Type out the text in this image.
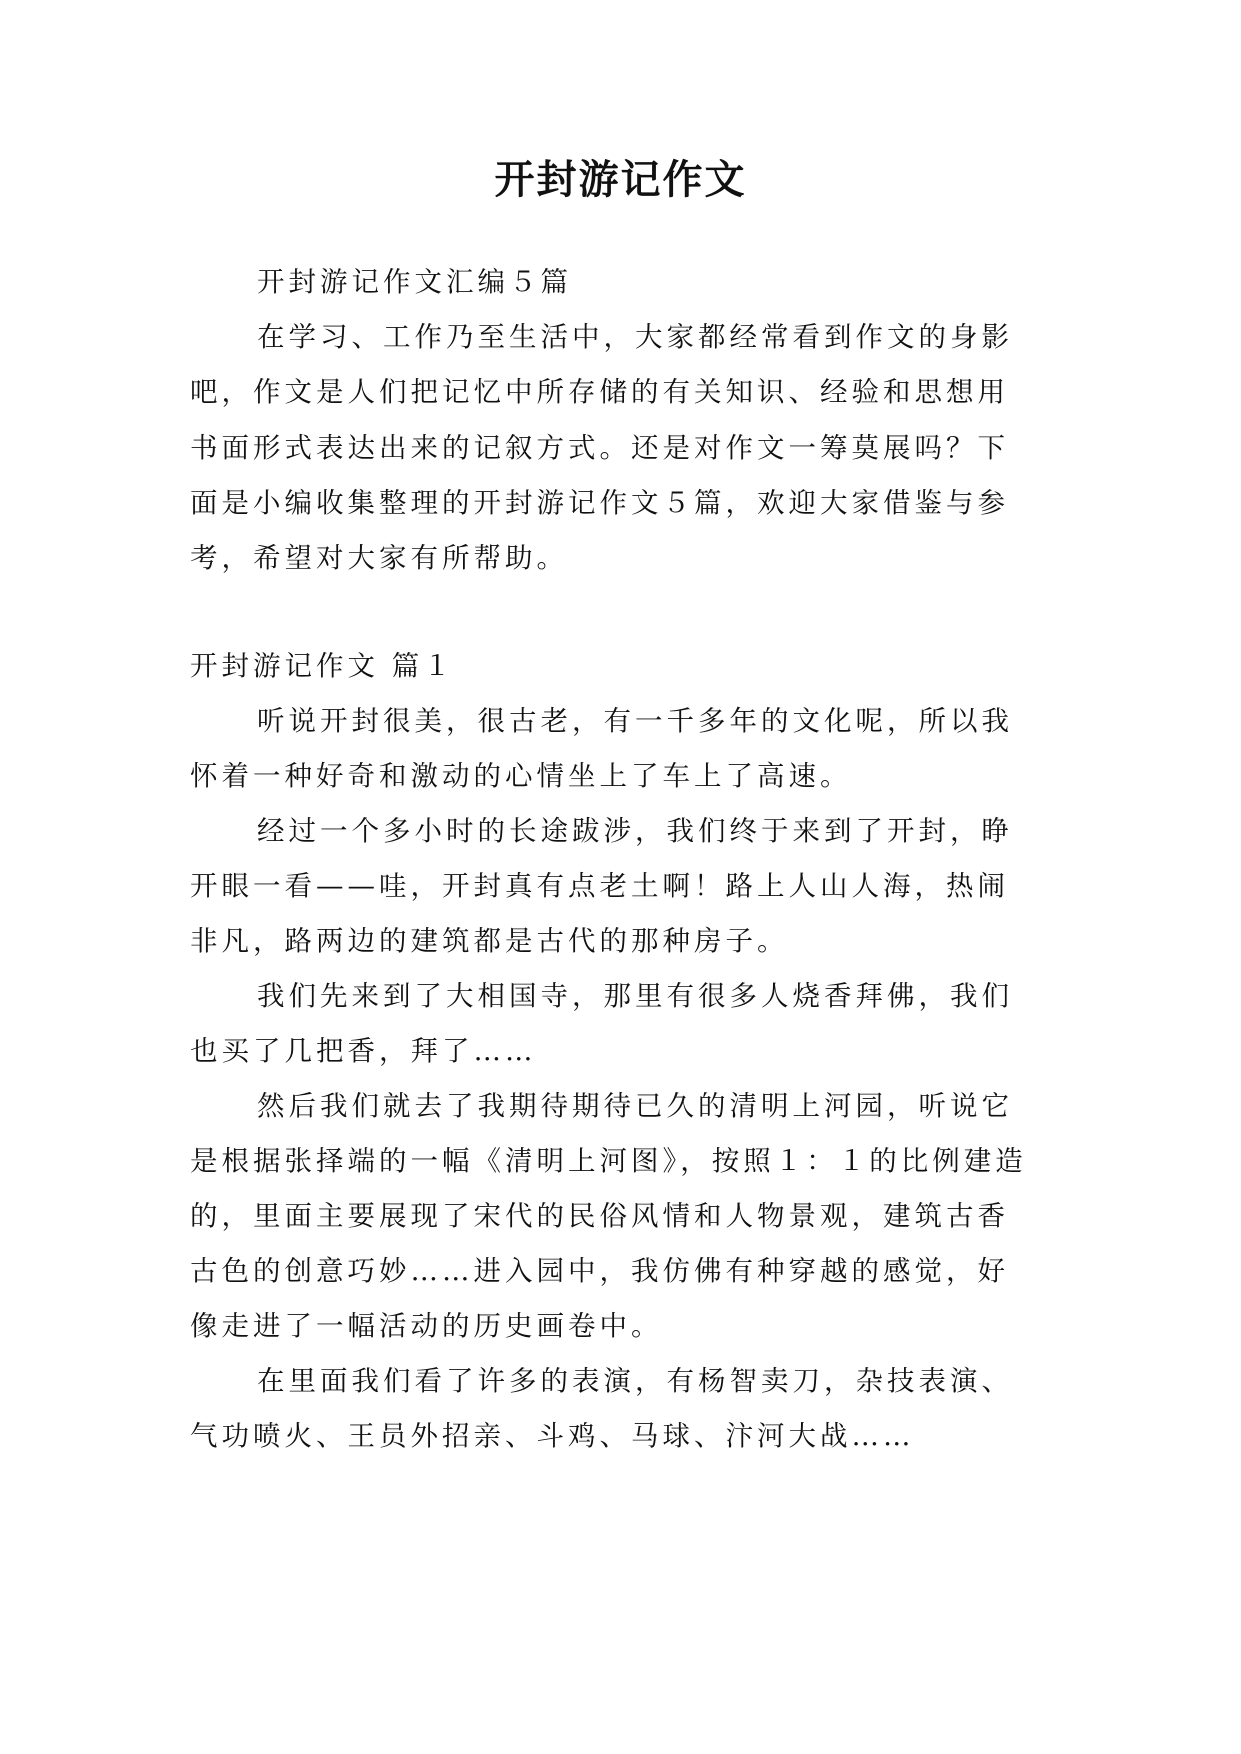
开封游记作文
开封游记作文汇编５篇
在学习、工作乃至生活中，大家都经常看到作文的身影
吧，作文是人们把记忆中所存储的有关知识、经验和思想用
书面形式表达出来的记叙方式。还是对作文一筹莫展吗？下
面是小编收集整理的开封游记作文５篇，欢迎大家借鉴与参
考，希望对大家有所帮助。
开封游记作文 篇１
听说开封很美，很古老，有一千多年的文化呢，所以我
怀着一种好奇和激动的心情坐上了车上了高速。
经过一个多小时的长途跋涉，我们终于来到了开封，睁
开眼一看——哇，开封真有点老土啊！路上人山人海，热闹
非凡，路两边的建筑都是古代的那种房子。
我们先来到了大相国寺，那里有很多人烧香拜佛，我们
也买了几把香，拜了……
然后我们就去了我期待期待已久的清明上河园，听说它
是根据张择端的一幅《清明上河图》，按照１：１的比例建造
的，里面主要展现了宋代的民俗风情和人物景观，建筑古香
古色的创意巧妙……进入园中，我仿佛有种穿越的感觉，好
像走进了一幅活动的历史画卷中。
在里面我们看了许多的表演，有杨智卖刀，杂技表演、
气功喷火、王员外招亲、斗鸡、马球、汴河大战……
